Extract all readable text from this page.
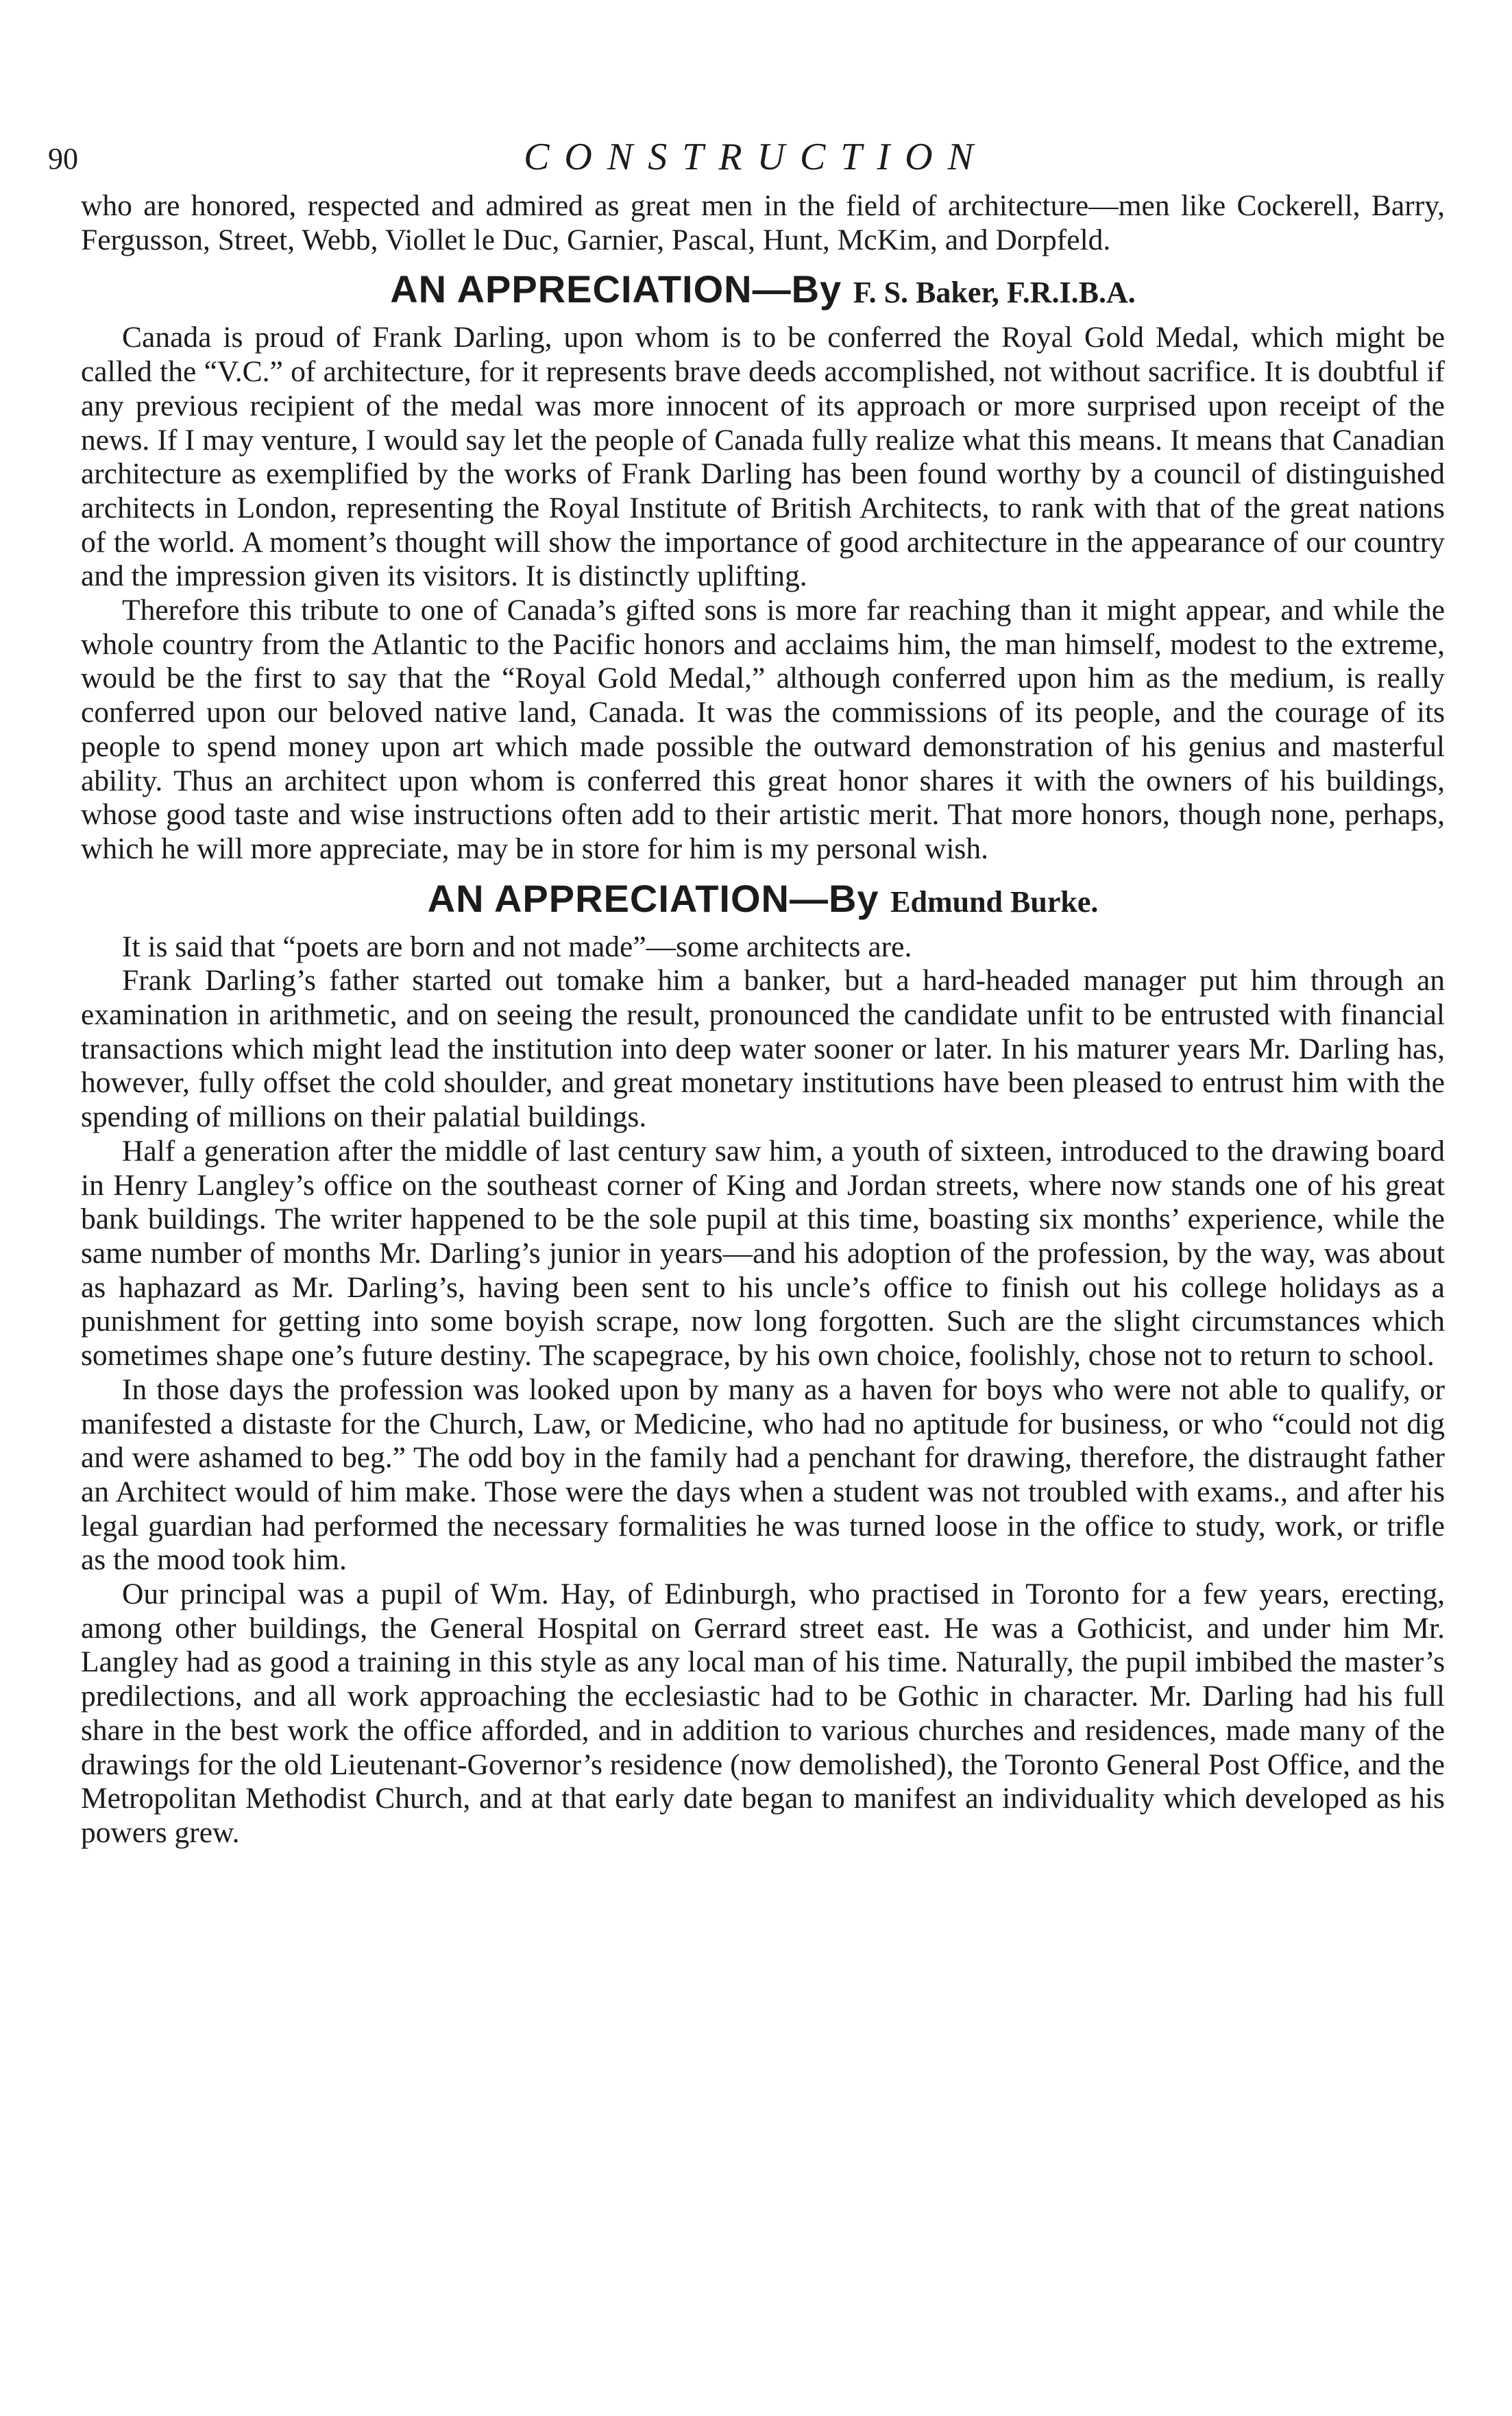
90	CONSTRUCTION

who are honored, respected and admired as great men in the field of architecture—men like Cockerell, Barry, Fergusson, Street, Webb, Viollet le Duc, Garnier, Pascal, Hunt, McKim, and Dorpfeld.

AN APPRECIATION—By F. S. Baker, F.R.I.B.A.

Canada is proud of Frank Darling, upon whom is to be conferred the Royal Gold Medal, which might be called the “V.C.” of architecture, for it represents brave deeds accomplished, not without sacrifice. It is doubtful if any previous recipient of the medal was more innocent of its approach or more surprised upon receipt of the news. If I may venture, I would say let the people of Canada fully realize what this means. It means that Canadian architecture as exemplified by the works of Frank Darling has been found worthy by a council of distinguished architects in London, representing the Royal Institute of British Architects, to rank with that of the great nations of the world. A moment’s thought will show the importance of good architecture in the appearance of our country and the impression given its visitors. It is distinctly uplifting.

Therefore this tribute to one of Canada’s gifted sons is more far reaching than it might appear, and while the whole country from the Atlantic to the Pacific honors and acclaims him, the man himself, modest to the extreme, would be the first to say that the “Royal Gold Medal,” although conferred upon him as the medium, is really conferred upon our beloved native land, Canada. It was the commissions of its people, and the courage of its people to spend money upon art which made possible the outward demonstration of his genius and masterful ability. Thus an architect upon whom is conferred this great honor shares it with the owners of his buildings, whose good taste and wise instructions often add to their artistic merit. That more honors, though none, perhaps, which he will more appreciate, may be in store for him is my personal wish.

AN APPRECIATION—By Edmund Burke.

It is said that “poets are born and not made”—some architects are.

Frank Darling’s father started out tomake him a banker, but a hard-headed manager put him through an examination in arithmetic, and on seeing the result, pronounced the candidate unfit to be entrusted with financial transactions which might lead the institution into deep water sooner or later. In his maturer years Mr. Darling has, however, fully offset the cold shoulder, and great monetary institutions have been pleased to entrust him with the spending of millions on their palatial buildings.

Half a generation after the middle of last century saw him, a youth of sixteen, introduced to the drawing board in Henry Langley’s office on the southeast corner of King and Jordan streets, where now stands one of his great bank buildings. The writer happened to be the sole pupil at this time, boasting six months’ experience, while the same number of months Mr. Darling’s junior in years—and his adoption of the profession, by the way, was about as haphazard as Mr. Darling’s, having been sent to his uncle’s office to finish out his college holidays as a punishment for getting into some boyish scrape, now long forgotten. Such are the slight circumstances which sometimes shape one’s future destiny. The scapegrace, by his own choice, foolishly, chose not to return to school.

In those days the profession was looked upon by many as a haven for boys who were not able to qualify, or manifested a distaste for the Church, Law, or Medicine, who had no aptitude for business, or who “could not dig and were ashamed to beg.” The odd boy in the family had a penchant for drawing, therefore, the distraught father an Architect would of him make. Those were the days when a student was not troubled with exams., and after his legal guardian had performed the necessary formalities he was turned loose in the office to study, work, or trifle as the mood took him.

Our principal was a pupil of Wm. Hay, of Edinburgh, who practised in Toronto for a few years, erecting, among other buildings, the General Hospital on Gerrard street east. He was a Gothicist, and under him Mr. Langley had as good a training in this style as any local man of his time. Naturally, the pupil imbibed the master’s predilections, and all work approaching the ecclesiastic had to be Gothic in character. Mr. Darling had his full share in the best work the office afforded, and in addition to various churches and residences, made many of the drawings for the old Lieutenant-Governor’s residence (now demolished), the Toronto General Post Office, and the Metropolitan Methodist Church, and at that early date began to manifest an individuality which developed as his powers grew.
